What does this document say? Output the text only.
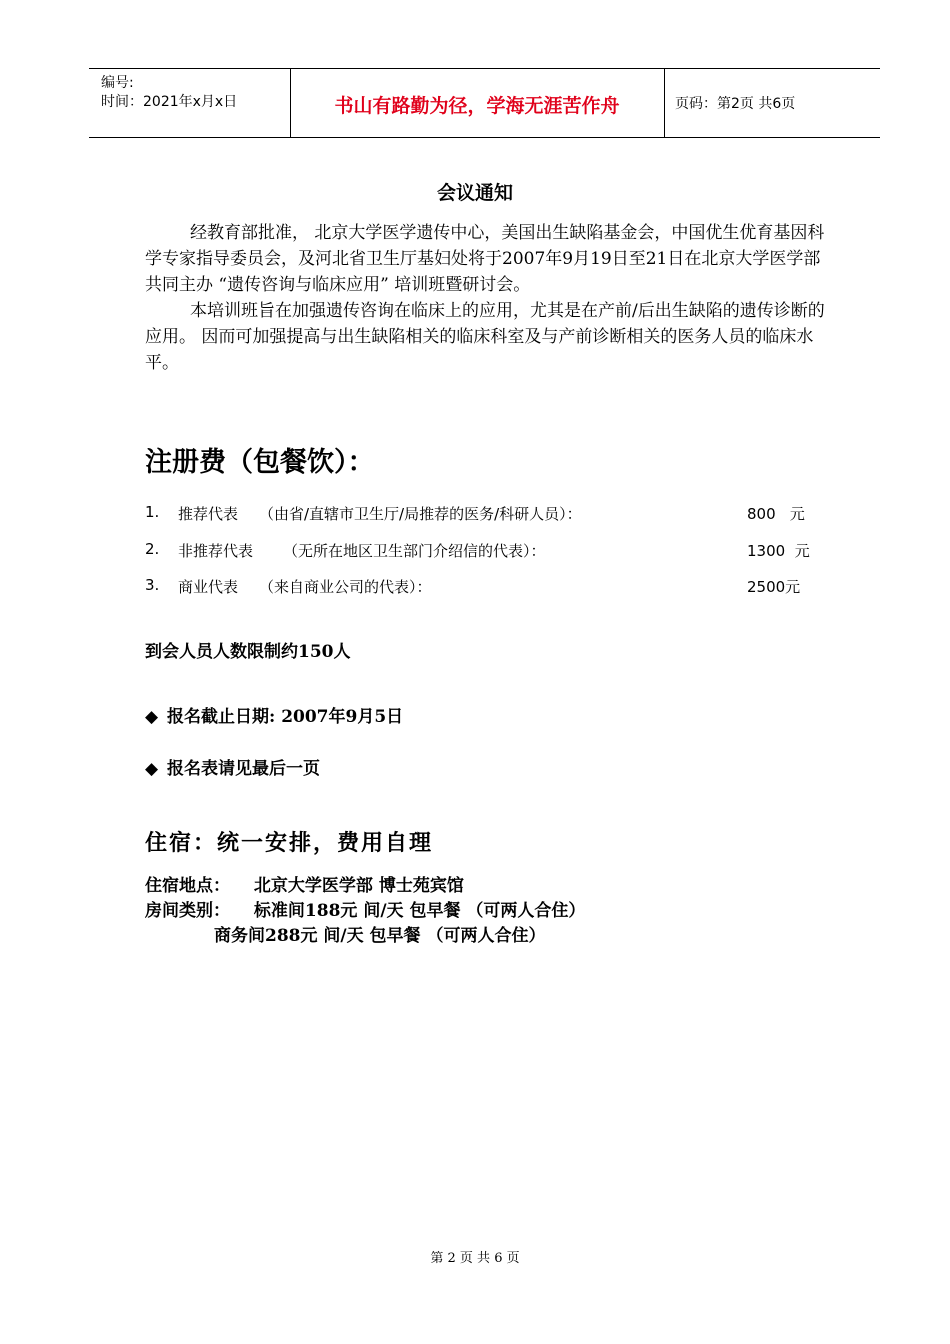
编号:
时间：2021年x月x日	书山有路勤为径，学海无涯苦作舟	页码：第2页 共6页
会议通知

经教育部批准， 北京大学医学遗传中心，美国出生缺陷基金会，中国优生优育基因科学专家指导委员会，及河北省卫生厅基妇处将于2007年9月19日至21日在北京大学医学部共同主办 “遗传咨询与临床应用” 培训班暨研讨会。

本培训班旨在加强遗传咨询在临床上的应用，尤其是在产前/后出生缺陷的遗传诊断的应用。 因而可加强提高与出生缺陷相关的临床科室及与产前诊断相关的医务人员的临床水平。

注册费（包餐饮）：
1. 推荐代表 （由省/直辖市卫生厅/局推荐的医务/科研人员）：	800   元
2. 非推荐代表 （无所在地区卫生部门介绍信的代表）：	1300  元
3. 商业代表 （来自商业公司的代表）：	2500元
到会人员人数限制约150人
◆ 报名截止日期: 2007年9月5日
◆ 报名表请见最后一页
住宿：统一安排，费用自理
住宿地点： 北京大学医学部 博士苑宾馆
房间类别： 标准间188元 间/天 包早餐 （可两人合住）
商务间288元 间/天 包早餐 （可两人合住）
第 2 页 共 6 页
